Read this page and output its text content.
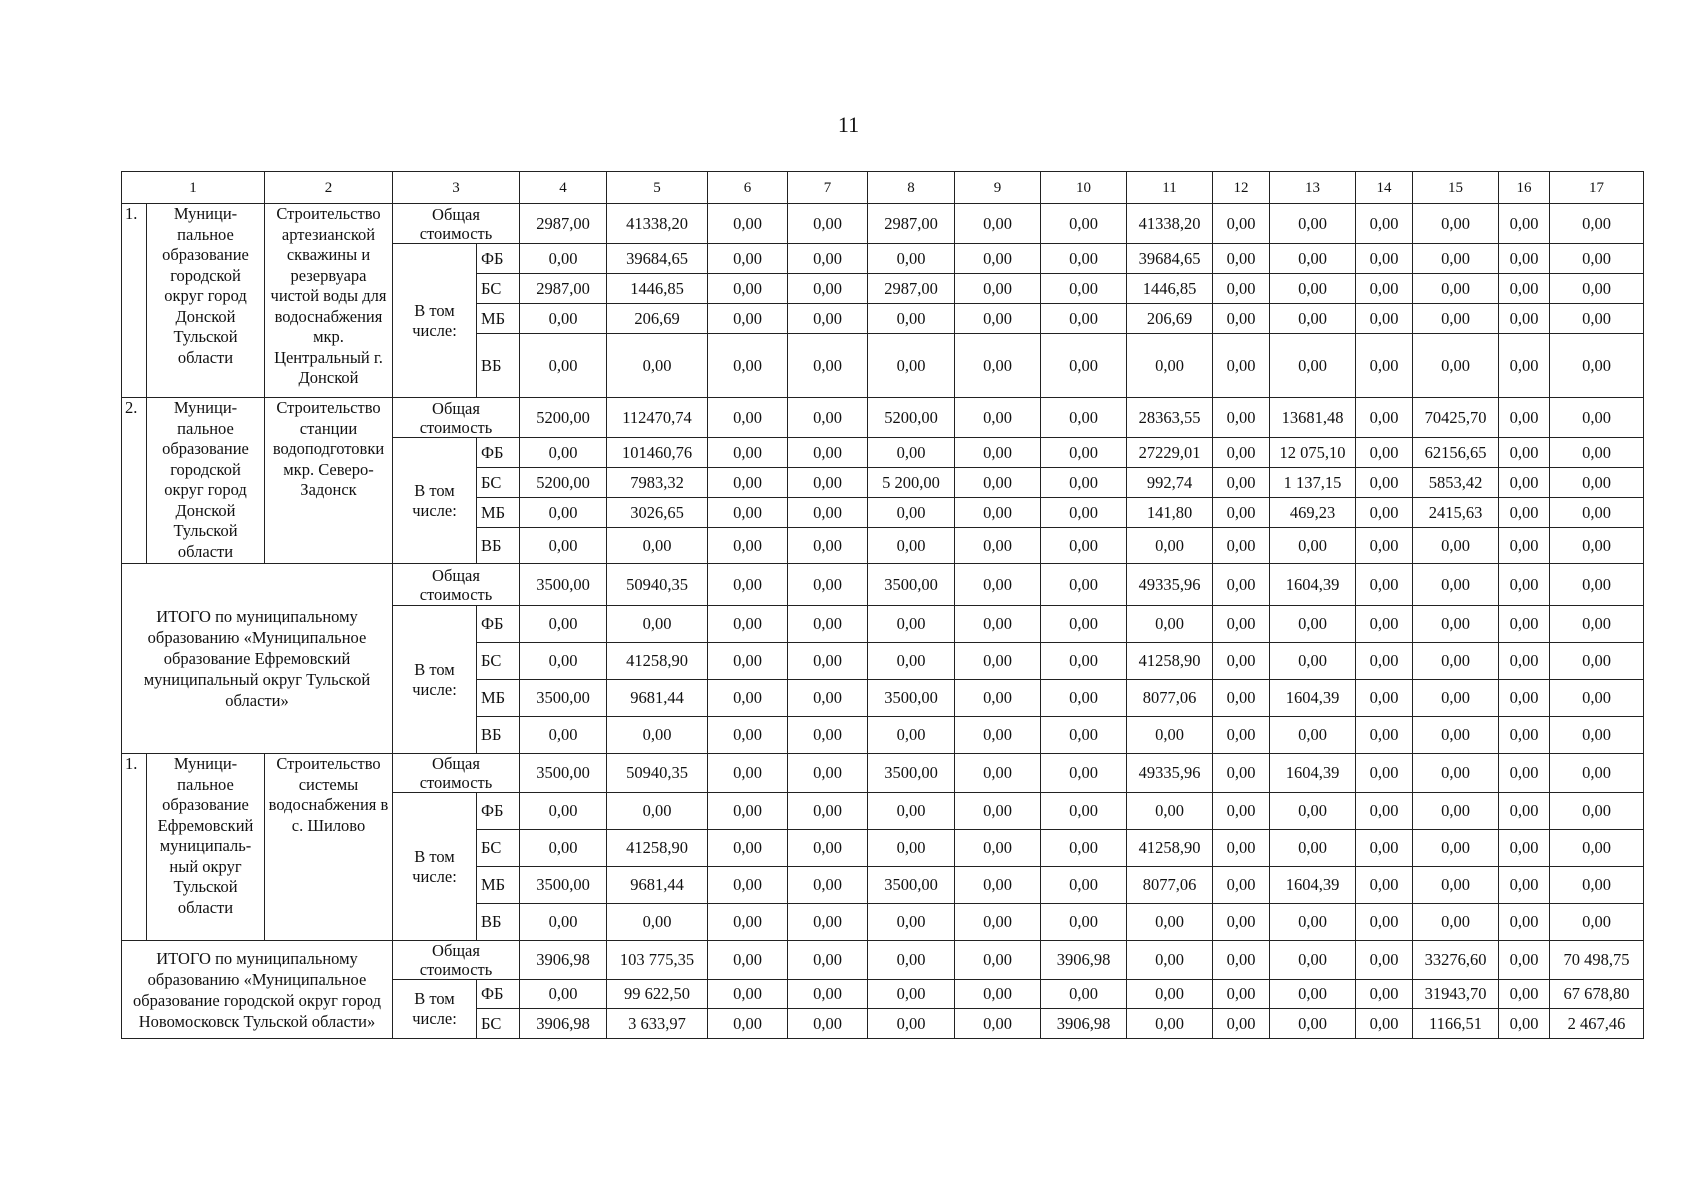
11
1		2	3		4	5	6	7	8	9	10	11	12	13	14	15	16	17
1.	Муници-пальное образование городской округ город Донской Тульской области	Строительство артезианской скважины и резервуара чистой воды для водоснабжения мкр. Центральный г. Донской	Общая стоимость		2987,00	41338,20	0,00	0,00	2987,00	0,00	0,00	41338,20	0,00	0,00	0,00	0,00	0,00	0,00
			В том числе:	ФБ	0,00	39684,65	0,00	0,00	0,00	0,00	0,00	39684,65	0,00	0,00	0,00	0,00	0,00	0,00
				БС	2987,00	1446,85	0,00	0,00	2987,00	0,00	0,00	1446,85	0,00	0,00	0,00	0,00	0,00	0,00
				МБ	0,00	206,69	0,00	0,00	0,00	0,00	0,00	206,69	0,00	0,00	0,00	0,00	0,00	0,00
				ВБ	0,00	0,00	0,00	0,00	0,00	0,00	0,00	0,00	0,00	0,00	0,00	0,00	0,00	0,00
2.	Муници-пальное образование городской округ город Донской Тульской области	Строительство станции водоподготовки мкр. Северо-Задонск	Общая стоимость		5200,00	112470,74	0,00	0,00	5200,00	0,00	0,00	28363,55	0,00	13681,48	0,00	70425,70	0,00	0,00
			В том числе:	ФБ	0,00	101460,76	0,00	0,00	0,00	0,00	0,00	27229,01	0,00	12 075,10	0,00	62156,65	0,00	0,00
				БС	5200,00	7983,32	0,00	0,00	5 200,00	0,00	0,00	992,74	0,00	1 137,15	0,00	5853,42	0,00	0,00
				МБ	0,00	3026,65	0,00	0,00	0,00	0,00	0,00	141,80	0,00	469,23	0,00	2415,63	0,00	0,00
				ВБ	0,00	0,00	0,00	0,00	0,00	0,00	0,00	0,00	0,00	0,00	0,00	0,00	0,00	0,00
ИТОГО по муниципальному образованию «Муниципальное образование Ефремовский муниципальный округ Тульской области»			Общая стоимость		3500,00	50940,35	0,00	0,00	3500,00	0,00	0,00	49335,96	0,00	1604,39	0,00	0,00	0,00	0,00
			В том числе:	ФБ	0,00	0,00	0,00	0,00	0,00	0,00	0,00	0,00	0,00	0,00	0,00	0,00	0,00	0,00
				БС	0,00	41258,90	0,00	0,00	0,00	0,00	0,00	41258,90	0,00	0,00	0,00	0,00	0,00	0,00
				МБ	3500,00	9681,44	0,00	0,00	3500,00	0,00	0,00	8077,06	0,00	1604,39	0,00	0,00	0,00	0,00
				ВБ	0,00	0,00	0,00	0,00	0,00	0,00	0,00	0,00	0,00	0,00	0,00	0,00	0,00	0,00
1.	Муници-пальное образование Ефремовский муниципаль-ный округ Тульской области	Строительство системы водоснабжения в с. Шилово	Общая стоимость		3500,00	50940,35	0,00	0,00	3500,00	0,00	0,00	49335,96	0,00	1604,39	0,00	0,00	0,00	0,00
			В том числе:	ФБ	0,00	0,00	0,00	0,00	0,00	0,00	0,00	0,00	0,00	0,00	0,00	0,00	0,00	0,00
				БС	0,00	41258,90	0,00	0,00	0,00	0,00	0,00	41258,90	0,00	0,00	0,00	0,00	0,00	0,00
				МБ	3500,00	9681,44	0,00	0,00	3500,00	0,00	0,00	8077,06	0,00	1604,39	0,00	0,00	0,00	0,00
				ВБ	0,00	0,00	0,00	0,00	0,00	0,00	0,00	0,00	0,00	0,00	0,00	0,00	0,00	0,00
ИТОГО по муниципальному образованию «Муниципальное образование городской округ город Новомосковск Тульской области»			Общая стоимость		3906,98	103 775,35	0,00	0,00	0,00	0,00	3906,98	0,00	0,00	0,00	0,00	33276,60	0,00	70 498,75
			В том числе:	ФБ	0,00	99 622,50	0,00	0,00	0,00	0,00	0,00	0,00	0,00	0,00	0,00	31943,70	0,00	67 678,80
				БС	3906,98	3 633,97	0,00	0,00	0,00	0,00	3906,98	0,00	0,00	0,00	0,00	1166,51	0,00	2 467,46
